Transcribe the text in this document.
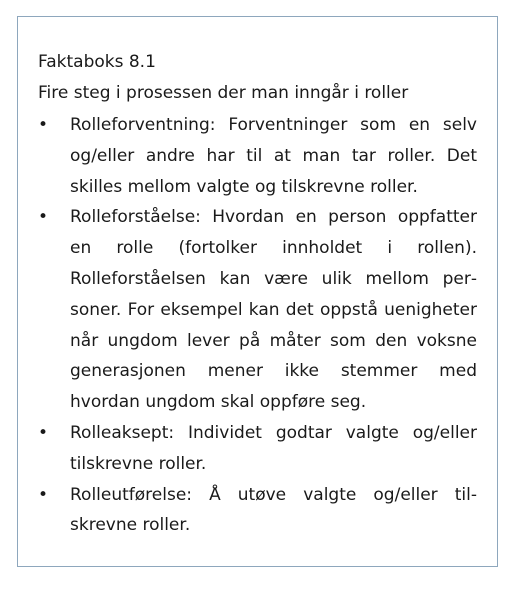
Faktaboks 8.1

Fire steg i prosessen der man inngår i roller

• Rolleforventning: Forventninger som en selv og/eller andre har til at man tar roller. Det skilles mellom valgte og tilskrevne roller.
• Rolleforståelse: Hvordan en person oppfatter en rolle (fortolker innholdet i rollen). Rolleforståelsen kan være ulik mellom personer. For eksempel kan det oppstå uenigheter når ungdom lever på måter som den voksne generasjonen mener ikke stemmer med hvordan ungdom skal oppføre seg.
• Rolleaksept: Individet godtar valgte og/eller tilskrevne roller.
• Rolleutførelse: Å utøve valgte og/eller tilskrevne roller.
